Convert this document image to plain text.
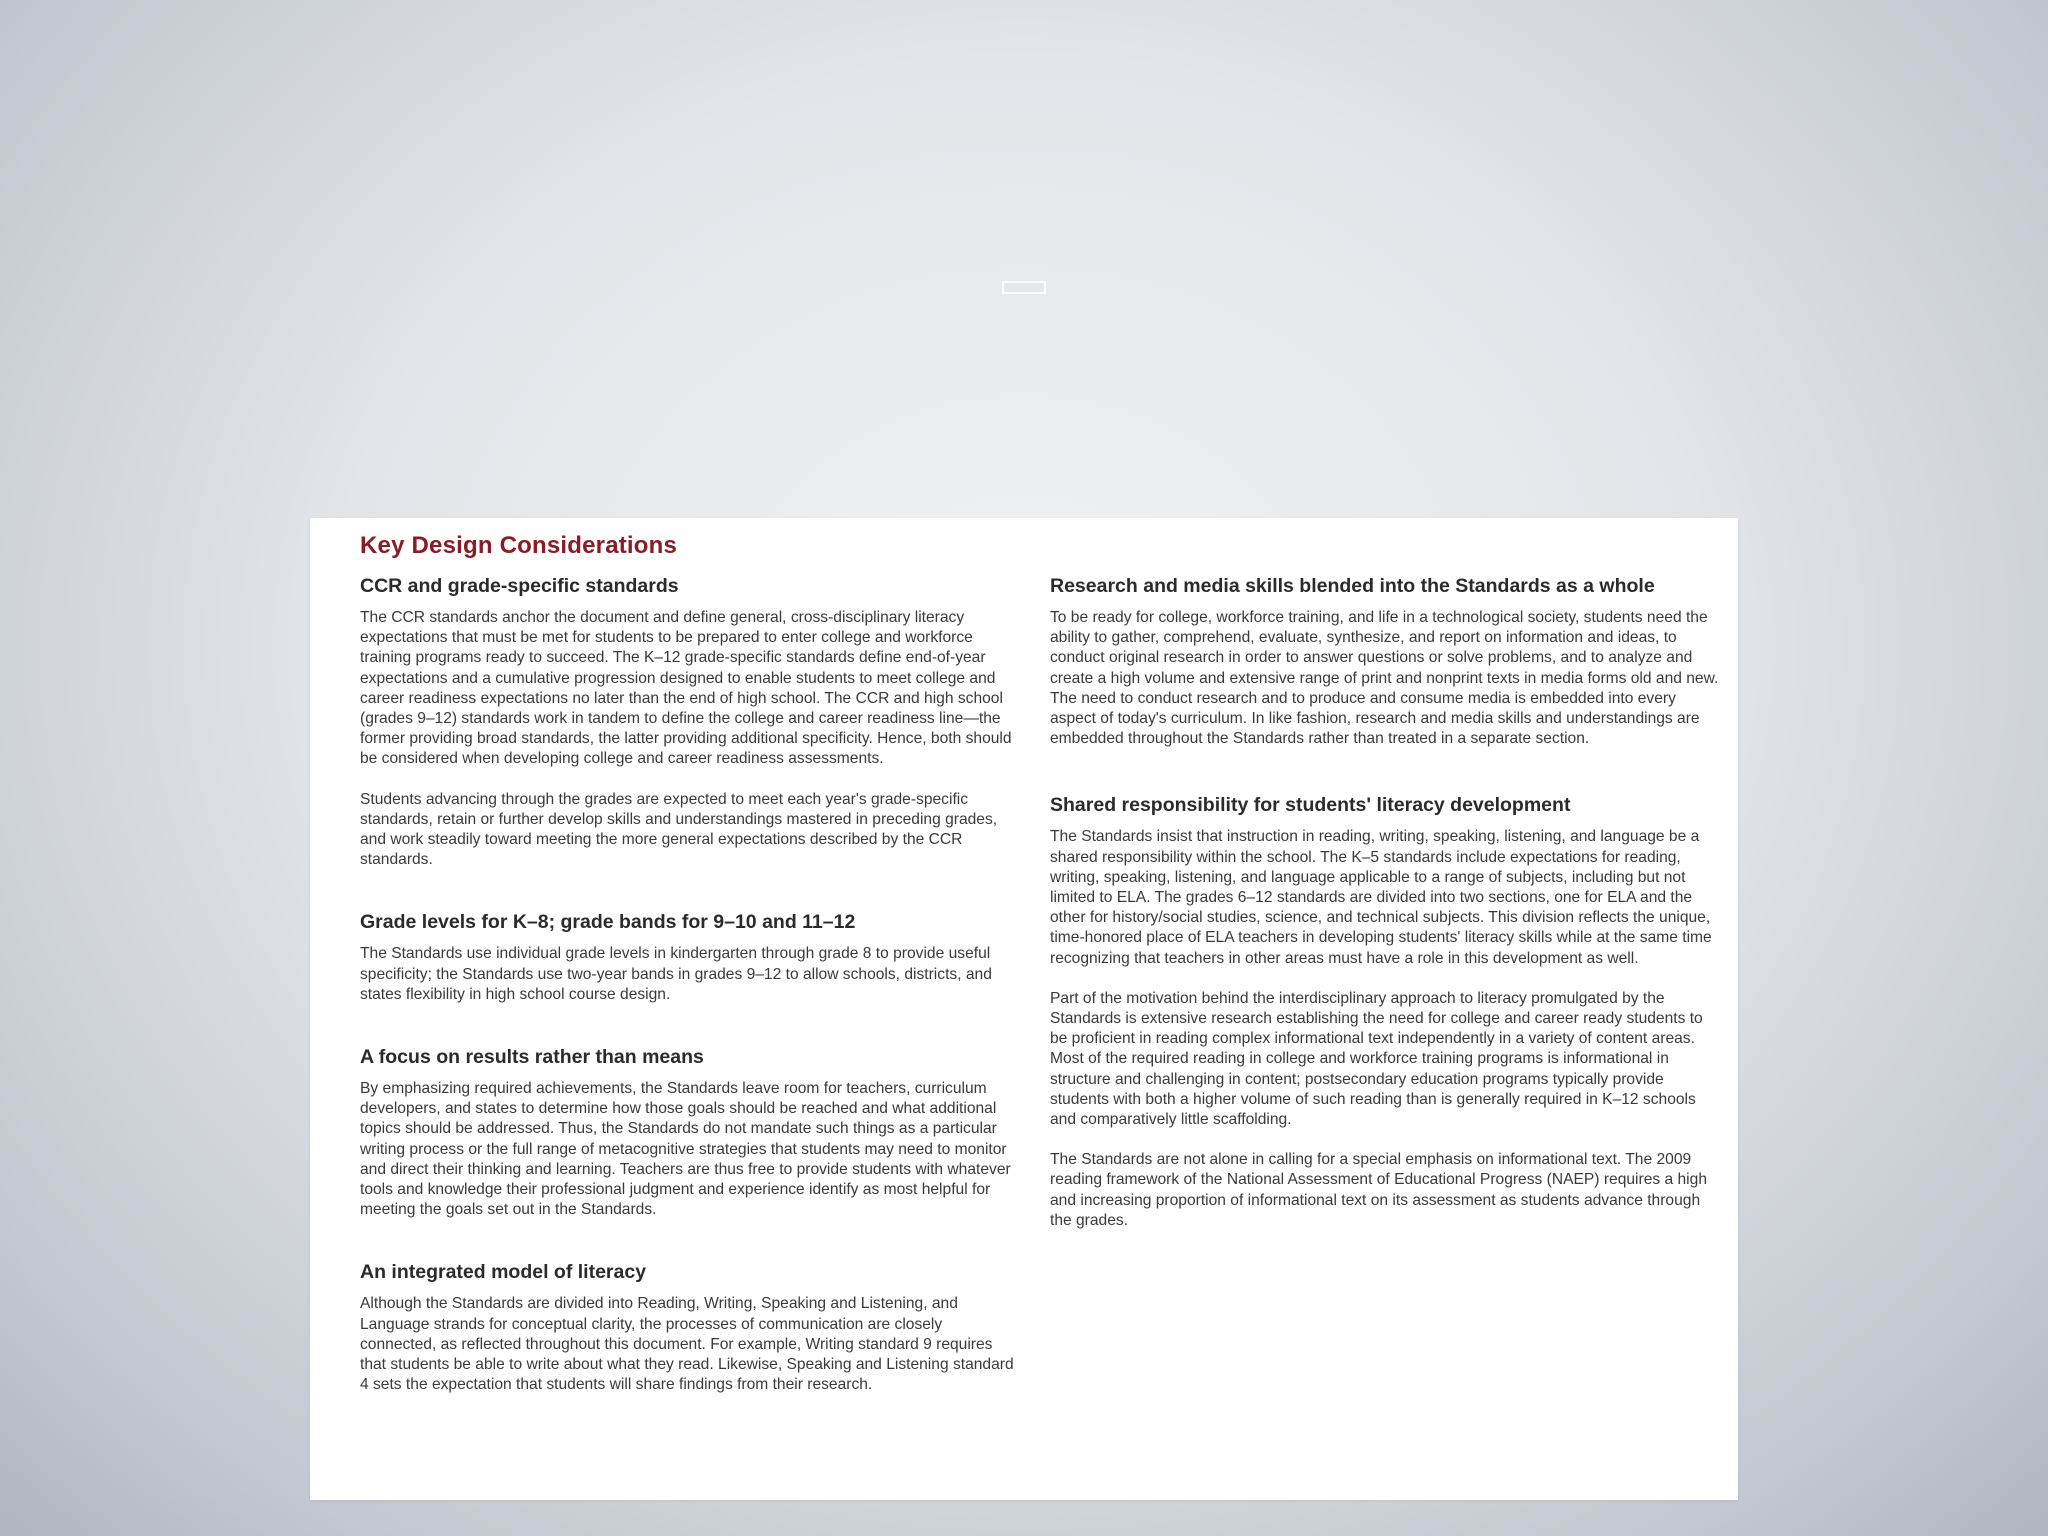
Key Design Considerations
CCR and grade-specific standards

The CCR standards anchor the document and define general, cross-disciplinary literacy expectations that must be met for students to be prepared to enter college and workforce training programs ready to succeed. The K–12 grade-specific standards define end-of-year expectations and a cumulative progression designed to enable students to meet college and career readiness expectations no later than the end of high school. The CCR and high school (grades 9–12) standards work in tandem to define the college and career readiness line—the former providing broad standards, the latter providing additional specificity. Hence, both should be considered when developing college and career readiness assessments.

Students advancing through the grades are expected to meet each year's grade-specific standards, retain or further develop skills and understandings mastered in preceding grades, and work steadily toward meeting the more general expectations described by the CCR standards.

Grade levels for K–8; grade bands for 9–10 and 11–12

The Standards use individual grade levels in kindergarten through grade 8 to provide useful specificity; the Standards use two-year bands in grades 9–12 to allow schools, districts, and states flexibility in high school course design.

A focus on results rather than means

By emphasizing required achievements, the Standards leave room for teachers, curriculum developers, and states to determine how those goals should be reached and what additional topics should be addressed. Thus, the Standards do not mandate such things as a particular writing process or the full range of metacognitive strategies that students may need to monitor and direct their thinking and learning. Teachers are thus free to provide students with whatever tools and knowledge their professional judgment and experience identify as most helpful for meeting the goals set out in the Standards.

An integrated model of literacy

Although the Standards are divided into Reading, Writing, Speaking and Listening, and Language strands for conceptual clarity, the processes of communication are closely connected, as reflected throughout this document. For example, Writing standard 9 requires that students be able to write about what they read. Likewise, Speaking and Listening standard 4 sets the expectation that students will share findings from their research.

Research and media skills blended into the Standards as a whole

To be ready for college, workforce training, and life in a technological society, students need the ability to gather, comprehend, evaluate, synthesize, and report on information and ideas, to conduct original research in order to answer questions or solve problems, and to analyze and create a high volume and extensive range of print and nonprint texts in media forms old and new. The need to conduct research and to produce and consume media is embedded into every aspect of today's curriculum. In like fashion, research and media skills and understandings are embedded throughout the Standards rather than treated in a separate section.

Shared responsibility for students' literacy development

The Standards insist that instruction in reading, writing, speaking, listening, and language be a shared responsibility within the school. The K–5 standards include expectations for reading, writing, speaking, listening, and language applicable to a range of subjects, including but not limited to ELA. The grades 6–12 standards are divided into two sections, one for ELA and the other for history/social studies, science, and technical subjects. This division reflects the unique, time-honored place of ELA teachers in developing students' literacy skills while at the same time recognizing that teachers in other areas must have a role in this development as well.

Part of the motivation behind the interdisciplinary approach to literacy promulgated by the Standards is extensive research establishing the need for college and career ready students to be proficient in reading complex informational text independently in a variety of content areas. Most of the required reading in college and workforce training programs is informational in structure and challenging in content; postsecondary education programs typically provide students with both a higher volume of such reading than is generally required in K–12 schools and comparatively little scaffolding.

The Standards are not alone in calling for a special emphasis on informational text. The 2009 reading framework of the National Assessment of Educational Progress (NAEP) requires a high and increasing proportion of informational text on its assessment as students advance through the grades.
